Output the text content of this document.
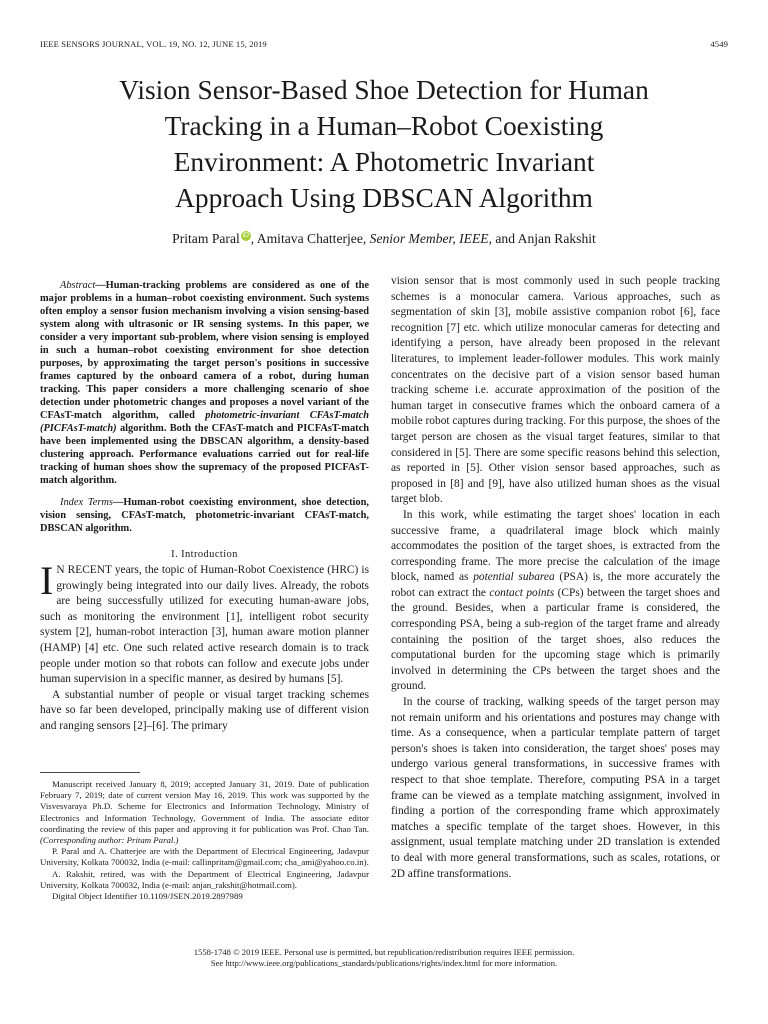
IEEE SENSORS JOURNAL, VOL. 19, NO. 12, JUNE 15, 2019	4549
Vision Sensor-Based Shoe Detection for Human
Tracking in a Human–Robot Coexisting
Environment: A Photometric Invariant
Approach Using DBSCAN Algorithm
Pritam Paral iD , Amitava Chatterjee, Senior Member, IEEE, and Anjan Rakshit

Abstract—Human-tracking problems are considered as one of the major problems in a human–robot coexisting environment. Such systems often employ a sensor fusion mechanism involving a vision sensing-based system along with ultrasonic or IR sensing systems. In this paper, we consider a very important sub-problem, where vision sensing is employed in such a human–robot coexisting environment for shoe detection purposes, by approximating the target person's positions in successive frames captured by the onboard camera of a robot, during human tracking. This paper considers a more challenging scenario of shoe detection under photometric changes and proposes a novel variant of the CFAsT-match algorithm, called photometric-invariant CFAsT-match (PICFAsT-match) algorithm. Both the CFAsT-match and PICFAsT-match have been implemented using the DBSCAN algorithm, a density-based clustering approach. Performance evaluations carried out for real-life tracking of human shoes show the supremacy of the proposed PICFAsT-match algorithm.

Index Terms—Human-robot coexisting environment, shoe detection, vision sensing, CFAsT-match, photometric-invariant CFAsT-match, DBSCAN algorithm.

I. Introduction

I N RECENT years, the topic of Human-Robot Coexistence (HRC) is growingly being integrated into our daily lives. Already, the robots are being successfully utilized for executing human-aware jobs, such as monitoring the environment [1], intelligent robot security system [2], human-robot interaction [3], human aware motion planner (HAMP) [4] etc. One such related active research domain is to track people under motion so that robots can follow and execute jobs under human supervision in a specific manner, as desired by humans [5].

A substantial number of people or visual target tracking schemes have so far been developed, principally making use of different vision and ranging sensors [2]–[6]. The primary

Manuscript received January 8, 2019; accepted January 31, 2019. Date of publication February 7, 2019; date of current version May 16, 2019. This work was supported by the Visvesvaraya Ph.D. Scheme for Electronics and Information Technology, Ministry of Electronics and Information Technology, Government of India. The associate editor coordinating the review of this paper and approving it for publication was Prof. Chao Tan. (Corresponding author: Pritam Paral.)

P. Paral and A. Chatterjee are with the Department of Electrical Engineering, Jadavpur University, Kolkata 700032, India (e-mail: callinpritam@gmail.com; cha_ami@yahoo.co.in).

A. Rakshit, retired, was with the Department of Electrical Engineering, Jadavpur University, Kolkata 700032, India (e-mail: anjan_rakshit@hotmail.com).

Digital Object Identifier 10.1109/JSEN.2019.2897989

vision sensor that is most commonly used in such people tracking schemes is a monocular camera. Various approaches, such as segmentation of skin [3], mobile assistive companion robot [6], face recognition [7] etc. which utilize monocular cameras for detecting and identifying a person, have already been proposed in the relevant literatures, to implement leader-follower modules. This work mainly concentrates on the decisive part of a vision sensor based human tracking scheme i.e. accurate approximation of the position of the human target in consecutive frames which the onboard camera of a mobile robot captures during tracking. For this purpose, the shoes of the target person are chosen as the visual target features, similar to that considered in [5]. There are some specific reasons behind this selection, as reported in [5]. Other vision sensor based approaches, such as proposed in [8] and [9], have also utilized human shoes as the visual target blob.

In this work, while estimating the target shoes' location in each successive frame, a quadrilateral image block which mainly accommodates the position of the target shoes, is extracted from the corresponding frame. The more precise the calculation of the image block, named as potential subarea (PSA) is, the more accurately the robot can extract the contact points (CPs) between the target shoes and the ground. Besides, when a particular frame is considered, the corresponding PSA, being a sub-region of the target frame and already containing the position of the target shoes, also reduces the computational burden for the upcoming stage which is primarily involved in determining the CPs between the target shoes and the ground.

In the course of tracking, walking speeds of the target person may not remain uniform and his orientations and postures may change with time. As a consequence, when a particular template pattern of target person's shoes is taken into consideration, the target shoes' poses may undergo various general transformations, in successive frames with respect to that shoe template. Therefore, computing PSA in a target frame can be viewed as a template matching assignment, involved in finding a portion of the corresponding frame which approximately matches a specific template of the target shoes. However, in this assignment, usual template matching under 2D translation is extended to deal with more general transformations, such as scales, rotations, or 2D affine transformations.

1558-1748 © 2019 IEEE. Personal use is permitted, but republication/redistribution requires IEEE permission.
See http://www.ieee.org/publications_standards/publications/rights/index.html for more information.
